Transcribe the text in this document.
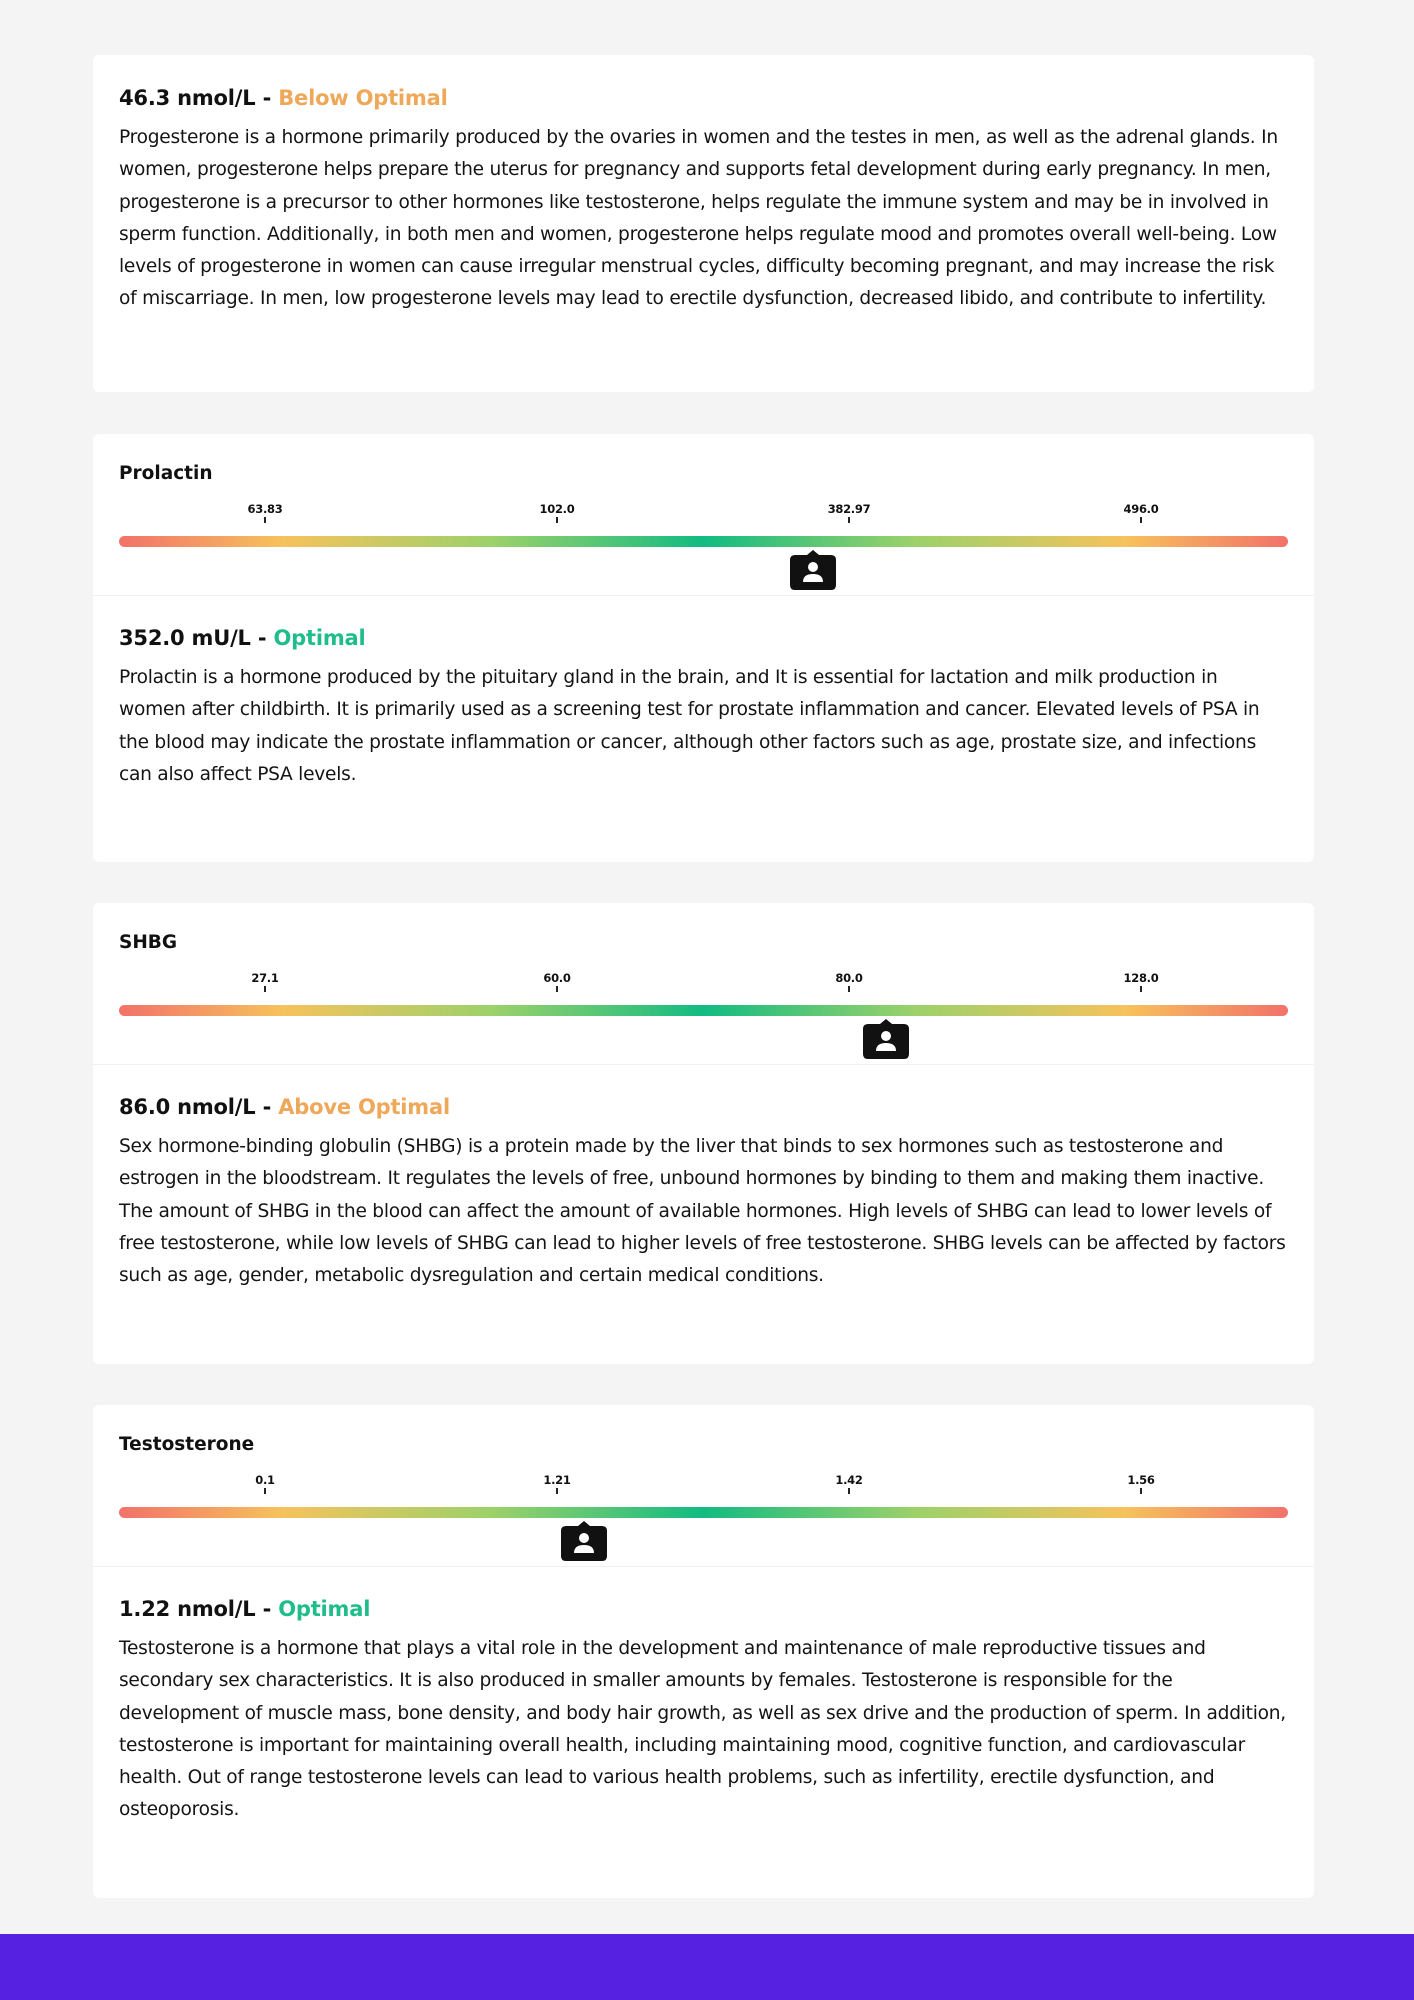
46.3 nmol/L - Below Optimal

Progesterone is a hormone primarily produced by the ovaries in women and the testes in men, as well as the adrenal glands. In women, progesterone helps prepare the uterus for pregnancy and supports fetal development during early pregnancy. In men, progesterone is a precursor to other hormones like testosterone, helps regulate the immune system and may be in involved in sperm function. Additionally, in both men and women, progesterone helps regulate mood and promotes overall well-being. Low levels of progesterone in women can cause irregular menstrual cycles, difficulty becoming pregnant, and may increase the risk of miscarriage. In men, low progesterone levels may lead to erectile dysfunction, decreased libido, and contribute to infertility.

Prolactin

63.83	102.0	382.97	496.0

352.0 mU/L - Optimal

Prolactin is a hormone produced by the pituitary gland in the brain, and It is essential for lactation and milk production in women after childbirth. It is primarily used as a screening test for prostate inflammation and cancer. Elevated levels of PSA in the blood may indicate the prostate inflammation or cancer, although other factors such as age, prostate size, and infections can also affect PSA levels.

SHBG

27.1	60.0	80.0	128.0

86.0 nmol/L - Above Optimal

Sex hormone-binding globulin (SHBG) is a protein made by the liver that binds to sex hormones such as testosterone and estrogen in the bloodstream. It regulates the levels of free, unbound hormones by binding to them and making them inactive. The amount of SHBG in the blood can affect the amount of available hormones. High levels of SHBG can lead to lower levels of free testosterone, while low levels of SHBG can lead to higher levels of free testosterone. SHBG levels can be affected by factors such as age, gender, metabolic dysregulation and certain medical conditions.

Testosterone

0.1	1.21	1.42	1.56

1.22 nmol/L - Optimal

Testosterone is a hormone that plays a vital role in the development and maintenance of male reproductive tissues and secondary sex characteristics. It is also produced in smaller amounts by females. Testosterone is responsible for the development of muscle mass, bone density, and body hair growth, as well as sex drive and the production of sperm. In addition, testosterone is important for maintaining overall health, including maintaining mood, cognitive function, and cardiovascular health. Out of range testosterone levels can lead to various health problems, such as infertility, erectile dysfunction, and osteoporosis.
